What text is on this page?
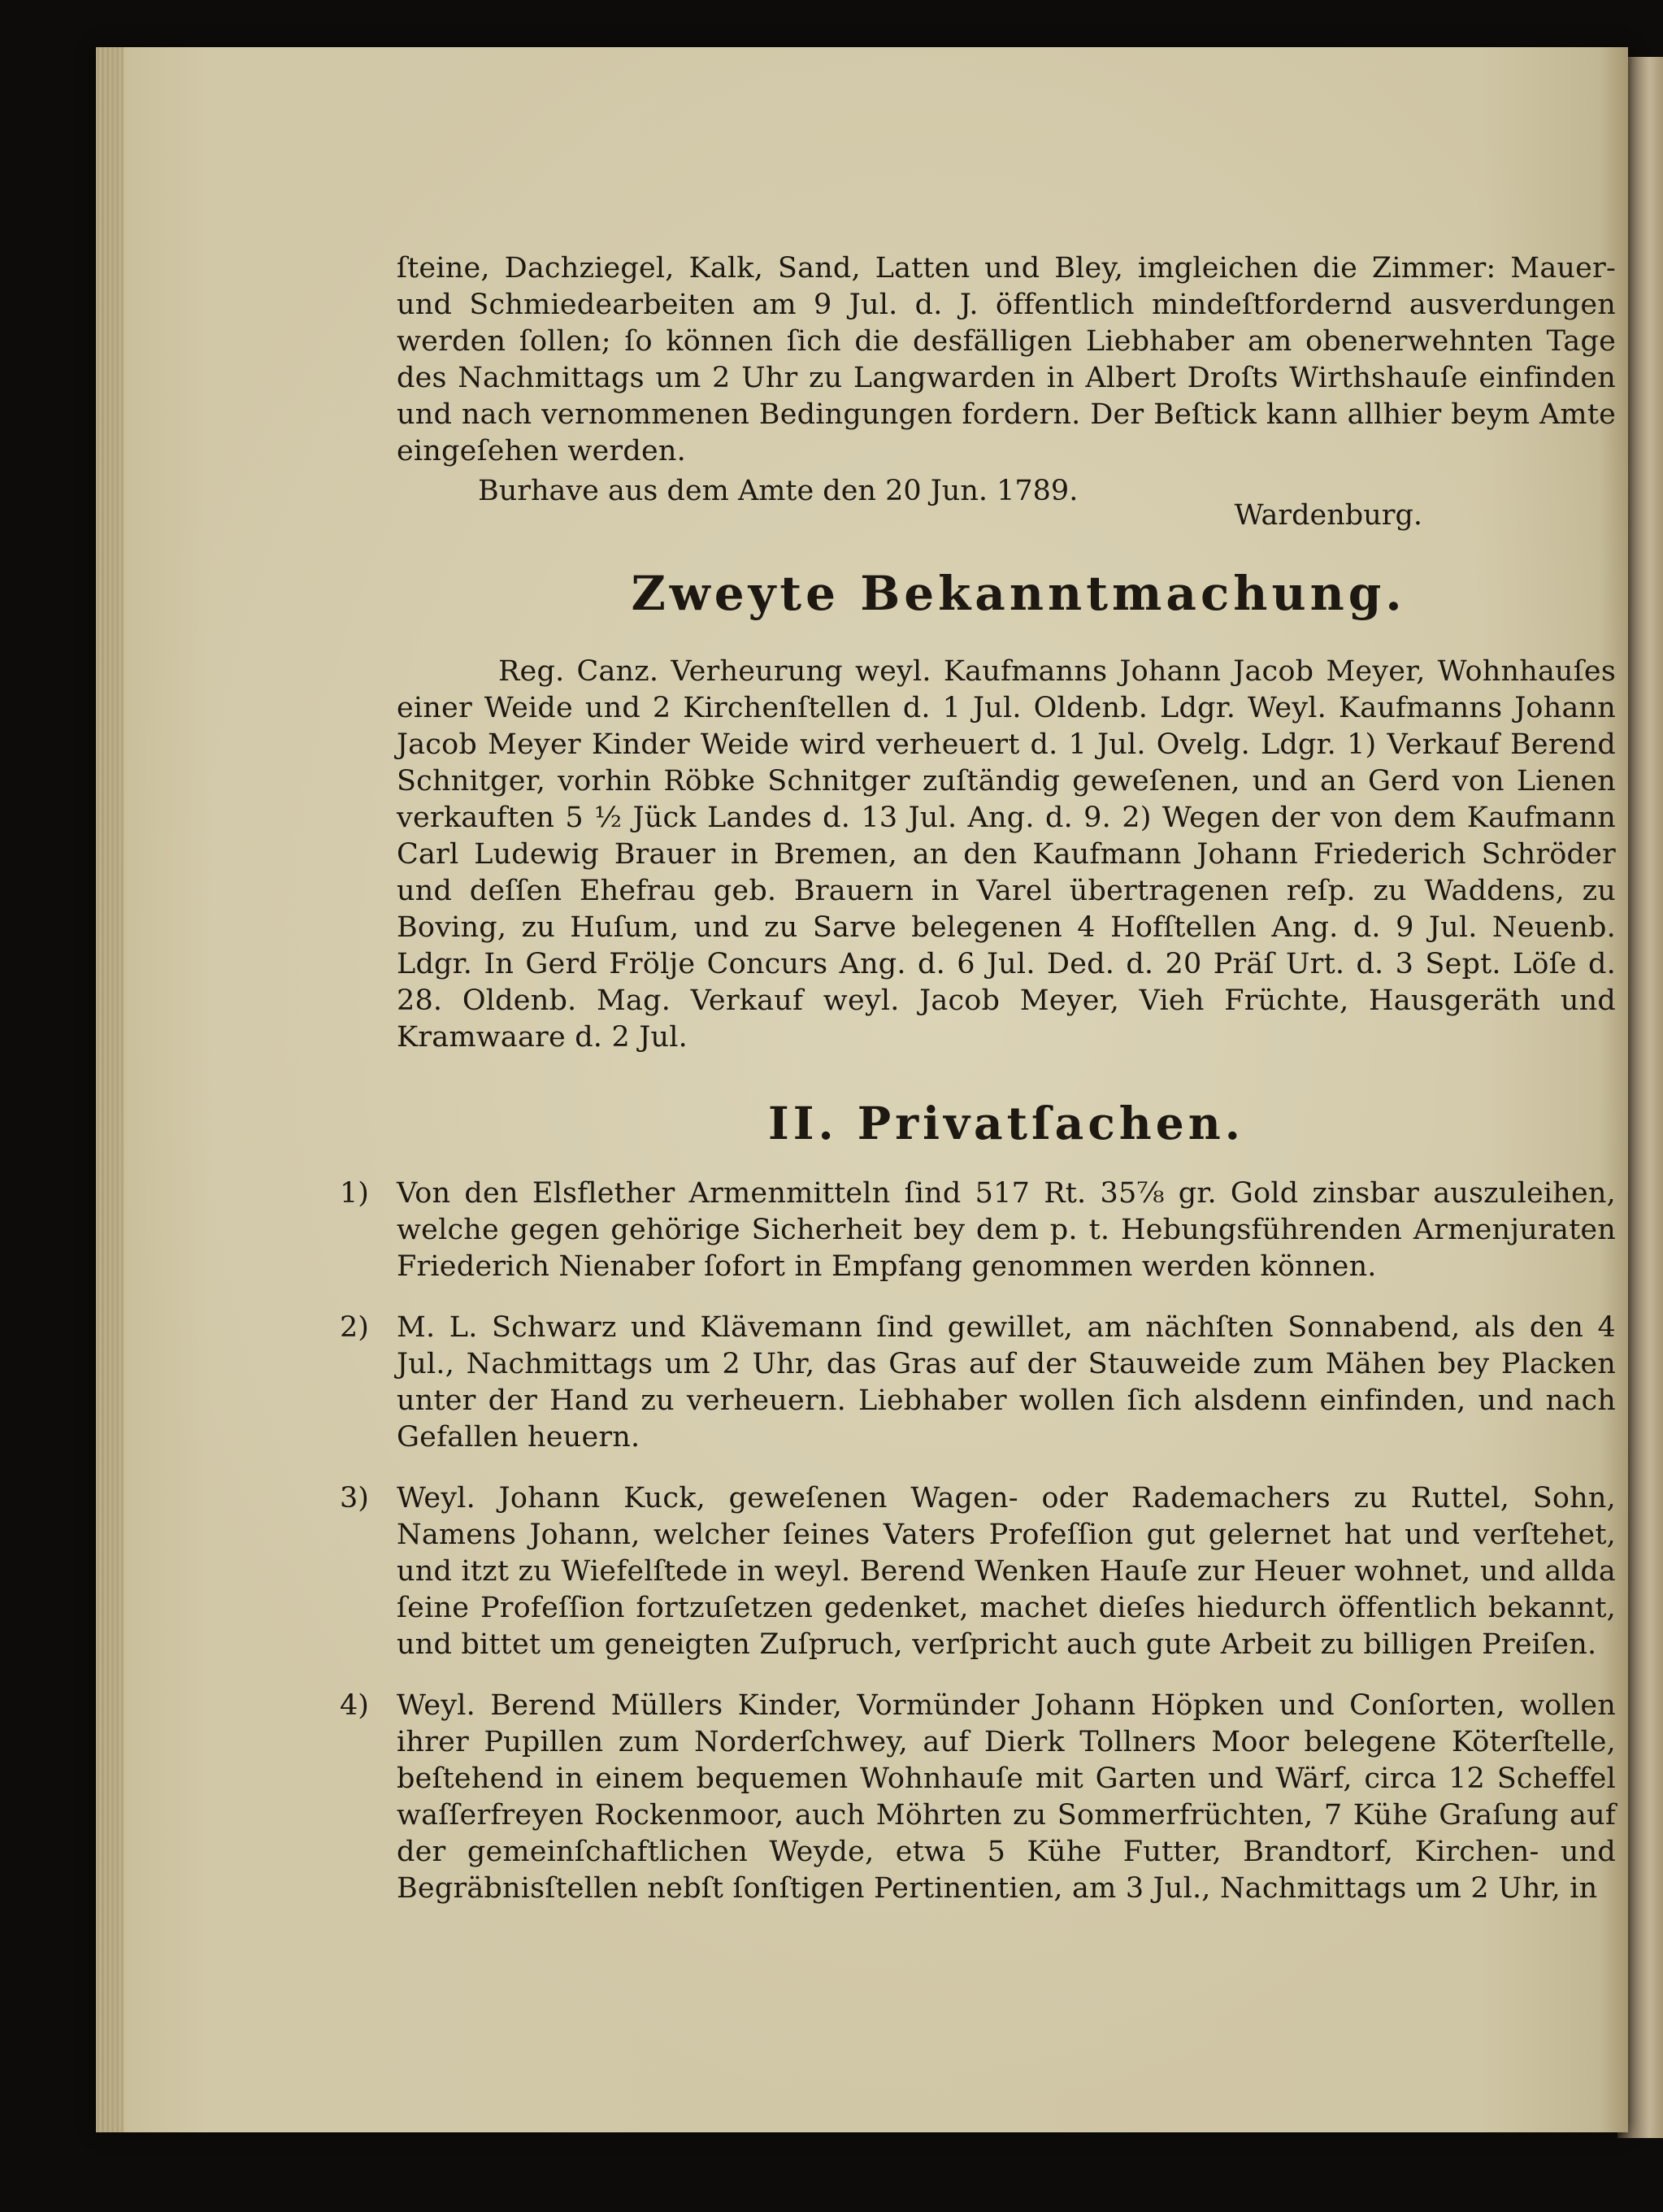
ſteine, Dachziegel, Kalk, Sand, Latten und Bley, imgleichen die Zimmer: Mauer- und Schmiedearbeiten am 9 Jul. d. J. öffentlich mindeſtfordernd ausverdungen werden ſollen; ſo können ſich die desfälligen Liebhaber am obenerwehnten Tage des Nachmittags um 2 Uhr zu Langwarden in Albert Droſts Wirthshauſe einfinden und nach vernommenen Bedingungen fordern. Der Beſtick kann allhier beym Amte eingeſehen werden.

Burhave aus dem Amte den 20 Jun. 1789.
Wardenburg.
Zweyte Bekanntmachung.

Reg. Canz. Verheurung weyl. Kaufmanns Johann Jacob Meyer, Wohnhauſes einer Weide und 2 Kirchenſtellen d. 1 Jul. Oldenb. Ldgr. Weyl. Kaufmanns Johann Jacob Meyer Kinder Weide wird verheuert d. 1 Jul. Ovelg. Ldgr. 1) Verkauf Berend Schnitger, vorhin Röbke Schnitger zuſtändig geweſenen, und an Gerd von Lienen verkauften 5 ½ Jück Landes d. 13 Jul. Ang. d. 9. 2) Wegen der von dem Kaufmann Carl Ludewig Brauer in Bremen, an den Kaufmann Johann Friederich Schröder und deſſen Ehefrau geb. Brauern in Varel übertragenen reſp. zu Waddens, zu Boving, zu Huſum, und zu Sarve belegenen 4 Hofſtellen Ang. d. 9 Jul. Neuenb. Ldgr. In Gerd Frölje Concurs Ang. d. 6 Jul. Ded. d. 20 Präſ Urt. d. 3 Sept. Löſe d. 28. Oldenb. Mag. Verkauf weyl. Jacob Meyer, Vieh Früchte, Hausgeräth und Kramwaare d. 2 Jul.

II. Privatſachen.
1) Von den Elsflether Armenmitteln ſind 517 Rt. 35⅞ gr. Gold zinsbar auszuleihen, welche gegen gehörige Sicherheit bey dem p. t. Hebungsführenden Armenjuraten Friederich Nienaber ſofort in Empfang genommen werden können.

2) M. L. Schwarz und Klävemann ſind gewillet, am nächſten Sonnabend, als den 4 Jul., Nachmittags um 2 Uhr, das Gras auf der Stauweide zum Mähen bey Placken unter der Hand zu verheuern. Liebhaber wollen ſich alsdenn einfinden, und nach Gefallen heuern.

3) Weyl. Johann Kuck, geweſenen Wagen- oder Rademachers zu Ruttel, Sohn, Namens Johann, welcher ſeines Vaters Profeſſion gut gelernet hat und verſtehet, und itzt zu Wiefelſtede in weyl. Berend Wenken Hauſe zur Heuer wohnet, und allda ſeine Profeſſion fortzuſetzen gedenket, machet dieſes hiedurch öffentlich bekannt, und bittet um geneigten Zuſpruch, verſpricht auch gute Arbeit zu billigen Preiſen.

4) Weyl. Berend Müllers Kinder, Vormünder Johann Höpken und Conſorten, wollen ihrer Pupillen zum Norderſchwey, auf Dierk Tollners Moor belegene Köterſtelle, beſtehend in einem bequemen Wohnhauſe mit Garten und Wärf, circa 12 Scheffel waſſerfreyen Rockenmoor, auch Möhrten zu Sommerfrüchten, 7 Kühe Graſung auf der gemeinſchaftlichen Weyde, etwa 5 Kühe Futter, Brandtorf, Kirchen- und Begräbnisſtellen nebſt ſonſtigen Pertinentien, am 3 Jul., Nachmittags um 2 Uhr, in
